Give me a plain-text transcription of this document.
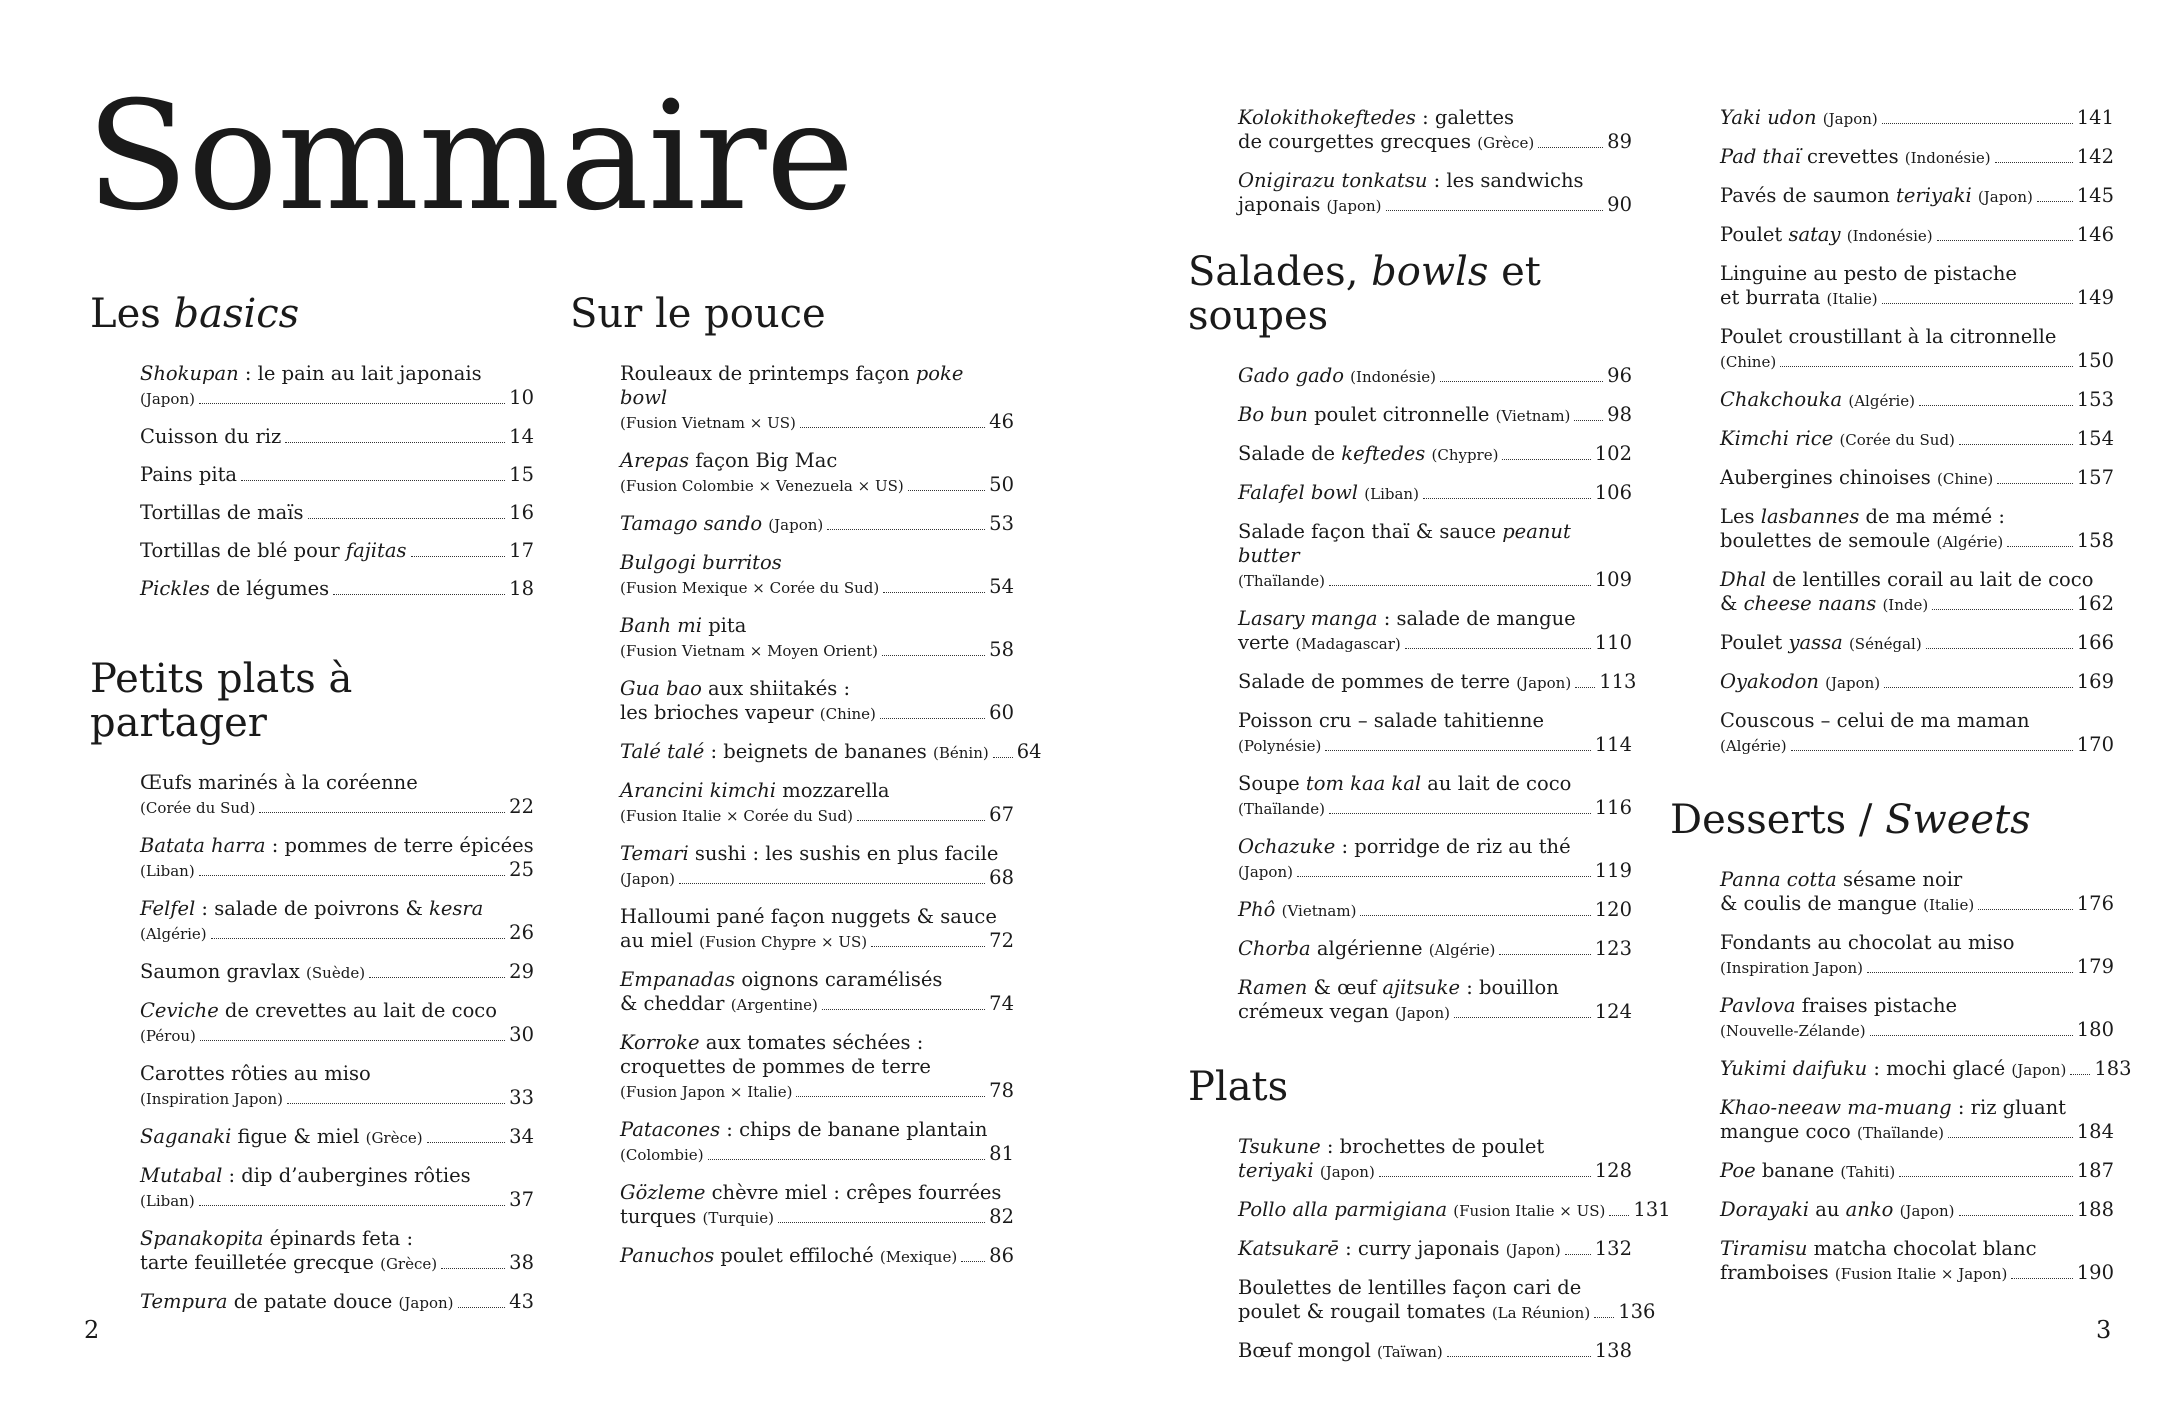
Sommaire
Les basics
Shokupan : le pain au lait japonais
(Japon)	10
Cuisson du riz	14
Pains pita	15
Tortillas de maïs	16
Tortillas de blé pour fajitas	17
Pickles de légumes	18
Petits plats à partager
Œufs marinés à la coréenne
(Corée du Sud)	22
Batata harra : pommes de terre épicées
(Liban)	25
Felfel : salade de poivrons & kesra
(Algérie)	26
Saumon gravlax (Suède)	29
Ceviche de crevettes au lait de coco
(Pérou)	30
Carottes rôties au miso
(Inspiration Japon)	33
Saganaki figue & miel (Grèce)	34
Mutabal : dip d’aubergines rôties
(Liban)	37
Spanakopita épinards feta :
tarte feuilletée grecque (Grèce)	38
Tempura de patate douce (Japon)	43
Sur le pouce
Rouleaux de printemps façon poke bowl
(Fusion Vietnam × US)	46
Arepas façon Big Mac
(Fusion Colombie × Venezuela × US)	50
Tamago sando (Japon)	53
Bulgogi burritos
(Fusion Mexique × Corée du Sud)	54
Banh mi pita
(Fusion Vietnam × Moyen Orient)	58
Gua bao aux shiitakés :
les brioches vapeur (Chine)	60
Talé talé : beignets de bananes (Bénin) 64
Arancini kimchi mozzarella
(Fusion Italie × Corée du Sud)	67
Temari sushi : les sushis en plus facile
(Japon)	68
Halloumi pané façon nuggets & sauce
au miel (Fusion Chypre × US)	72
Empanadas oignons caramélisés
& cheddar (Argentine)	74
Korroke aux tomates séchées :
croquettes de pommes de terre
(Fusion Japon × Italie)	78
Patacones : chips de banane plantain
(Colombie)	81
Gözleme chèvre miel : crêpes fourrées
turques (Turquie)	82
Panuchos poulet effiloché (Mexique) 86
Kolokithokeftedes : galettes
de courgettes grecques (Grèce)	89
Onigirazu tonkatsu : les sandwichs
japonais (Japon)	90
Salades, bowls et soupes
Gado gado (Indonésie)	96
Bo bun poulet citronnelle (Vietnam) 98
Salade de keftedes (Chypre)	102
Falafel bowl (Liban)	106
Salade façon thaï & sauce peanut butter
(Thaïlande)	109
Lasary manga : salade de mangue
verte (Madagascar)	110
Salade de pommes de terre (Japon) 113
Poisson cru – salade tahitienne
(Polynésie)	114
Soupe tom kaa kal au lait de coco
(Thaïlande)	116
Ochazuke : porridge de riz au thé
(Japon)	119
Phô (Vietnam)	120
Chorba algérienne (Algérie)	123
Ramen & œuf ajitsuke : bouillon
crémeux vegan (Japon)	124
Plats
Tsukune : brochettes de poulet
teriyaki (Japon)	128
Pollo alla parmigiana (Fusion Italie × US) 131
Katsukarē : curry japonais (Japon) 132
Boulettes de lentilles façon cari de
poulet & rougail tomates (La Réunion) 136
Bœuf mongol (Taïwan)	138
Yaki udon (Japon)	141
Pad thaï crevettes (Indonésie)	142
Pavés de saumon teriyaki (Japon) 145
Poulet satay (Indonésie)	146
Linguine au pesto de pistache
et burrata (Italie)	149
Poulet croustillant à la citronnelle
(Chine)	150
Chakchouka (Algérie)	153
Kimchi rice (Corée du Sud)	154
Aubergines chinoises (Chine)	157
Les lasbannes de ma mémé :
boulettes de semoule (Algérie)	158
Dhal de lentilles corail au lait de coco
& cheese naans (Inde)	162
Poulet yassa (Sénégal)	166
Oyakodon (Japon)	169
Couscous – celui de ma maman
(Algérie)	170
Desserts / Sweets
Panna cotta sésame noir
& coulis de mangue (Italie)	176
Fondants au chocolat au miso
(Inspiration Japon)	179
Pavlova fraises pistache
(Nouvelle-Zélande)	180
Yukimi daifuku : mochi glacé (Japon) 183
Khao-neeaw ma-muang : riz gluant
mangue coco (Thaïlande)	184
Poe banane (Tahiti)	187
Dorayaki au anko (Japon)	188
Tiramisu matcha chocolat blanc
framboises (Fusion Italie × Japon)	190
2	3
